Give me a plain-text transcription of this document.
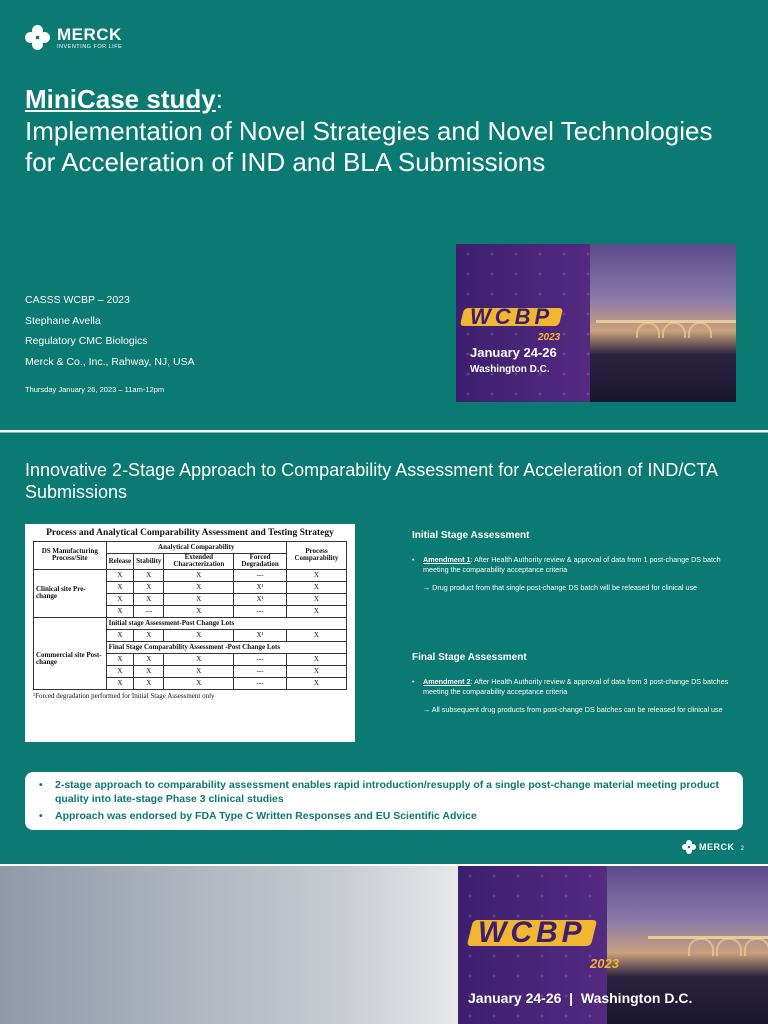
MERCK
INVENTING FOR LIFE
MiniCase study:
Implementation of Novel Strategies and Novel Technologies for Acceleration of IND and BLA Submissions
CASSS WCBP – 2023
Stephane Avella
Regulatory CMC Biologics
Merck & Co., Inc., Rahway, NJ, USA
Thursday January 26, 2023 – 11am-12pm
WCBP
2023
January 24-26
Washington D.C.
Innovative 2-Stage Approach to Comparability Assessment for Acceleration of IND/CTA Submissions
Process and Analytical Comparability Assessment and Testing Strategy
DS Manufacturing Process/Site	Analytical Comparability				Process Comparability
	Release	Stability	Extended Characterization	Forced Degradation	
Clinical site Pre-change	X	X	X	---	X
	X	X	X	X¹	X
	X	X	X	X¹	X
	X	---	X	---	X
	Initial stage Assessment-Post Change Lots				
Commercial site Post-change	X	X	X	X¹	X
	Final Stage Comparability Assessment -Post Change Lots				
	X	X	X	---	X
	X	X	X	---	X
	X	X	X	---	X
¹Forced degradation performed for Initial Stage Assessment only
Initial Stage Assessment
• Amendment 1: After Health Authority review & approval of data from 1 post-change DS batch meeting the comparability acceptance criteria
→ Drug product from that single post-change DS batch will be released for clinical use
Final Stage Assessment
• Amendment 2: After Health Authority review & approval of data from 3 post-change DS batches meeting the comparability acceptance criteria
→ All subsequent drug products from post-change DS batches can be released for clinical use
• 2-stage approach to comparability assessment enables rapid introduction/resupply of a single post-change material meeting product quality into late-stage Phase 3 clinical studies
• Approach was endorsed by FDA Type C Written Responses and EU Scientific Advice
MERCK 2
WCBP
2023
January 24-26  |  Washington D.C.
